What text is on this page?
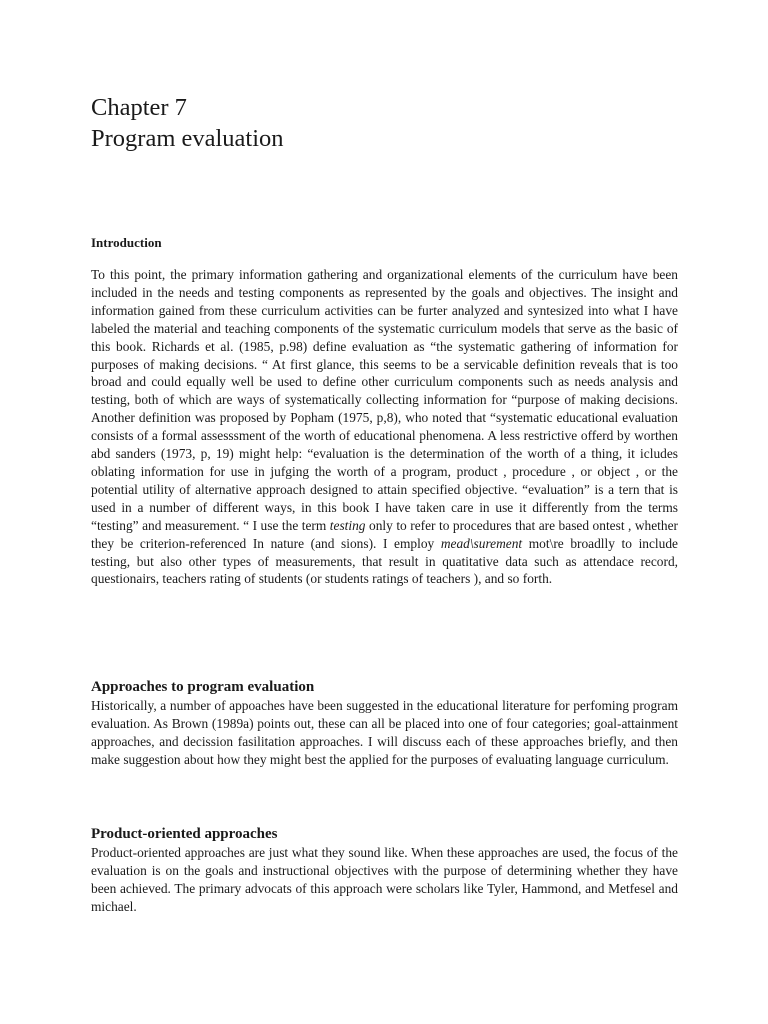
Chapter 7
Program evaluation
Introduction

To this point, the primary information gathering and organizational elements of the curriculum have been included in the needs and testing components as represented by the goals and objectives. The insight and information gained from these curriculum activities can be furter analyzed and syntesized into what I have labeled the material and teaching components of the systematic curriculum models that serve as the basic of this book. Richards et al. (1985, p.98) define evaluation as “the systematic gathering of information for purposes of making decisions. “ At first glance, this seems to be a servicable definition reveals that is too broad and could equally well be used to define other curriculum components such as needs analysis and testing, both of which are ways of systematically collecting information for “purpose of making decisions. Another definition was proposed by Popham (1975, p,8), who noted that “systematic educational evaluation consists of a formal assesssment of the worth of educational phenomena. A less restrictive offerd by worthen abd sanders (1973, p, 19) might help: “evaluation is the determination of the worth of a thing, it icludes oblating information for use in jufging the worth of a program, product , procedure , or object , or the potential utility of alternative approach designed to attain specified objective. “evaluation” is a tern that is used in a number of different ways, in this book I have taken care in use it differently from the terms “testing” and measurement. “ I use the term testing only to refer to procedures that are based ontest , whether they be criterion-referenced In nature (and sions). I employ mead\surement mot\re broadlly to include testing, but also other types of measurements, that result in quatitative data such as attendace record, questionairs, teachers rating of students (or students ratings of teachers ), and so forth.

Approaches to program evaluation

Historically, a number of appoaches have been suggested in the educational literature for perfoming program evaluation. As Brown (1989a) points out, these can all be placed into one of four categories; goal-attainment approaches, and decission fasilitation approaches. I will discuss each of these approaches briefly, and then make suggestion about how they might best the applied for the purposes of evaluating language curriculum.

Product-oriented approaches

Product-oriented approaches are just what they sound like. When these approaches are used, the focus of the evaluation is on the goals and instructional objectives with the purpose of determining whether they have been achieved. The primary advocats of this approach were scholars like Tyler, Hammond, and Metfesel and michael.
